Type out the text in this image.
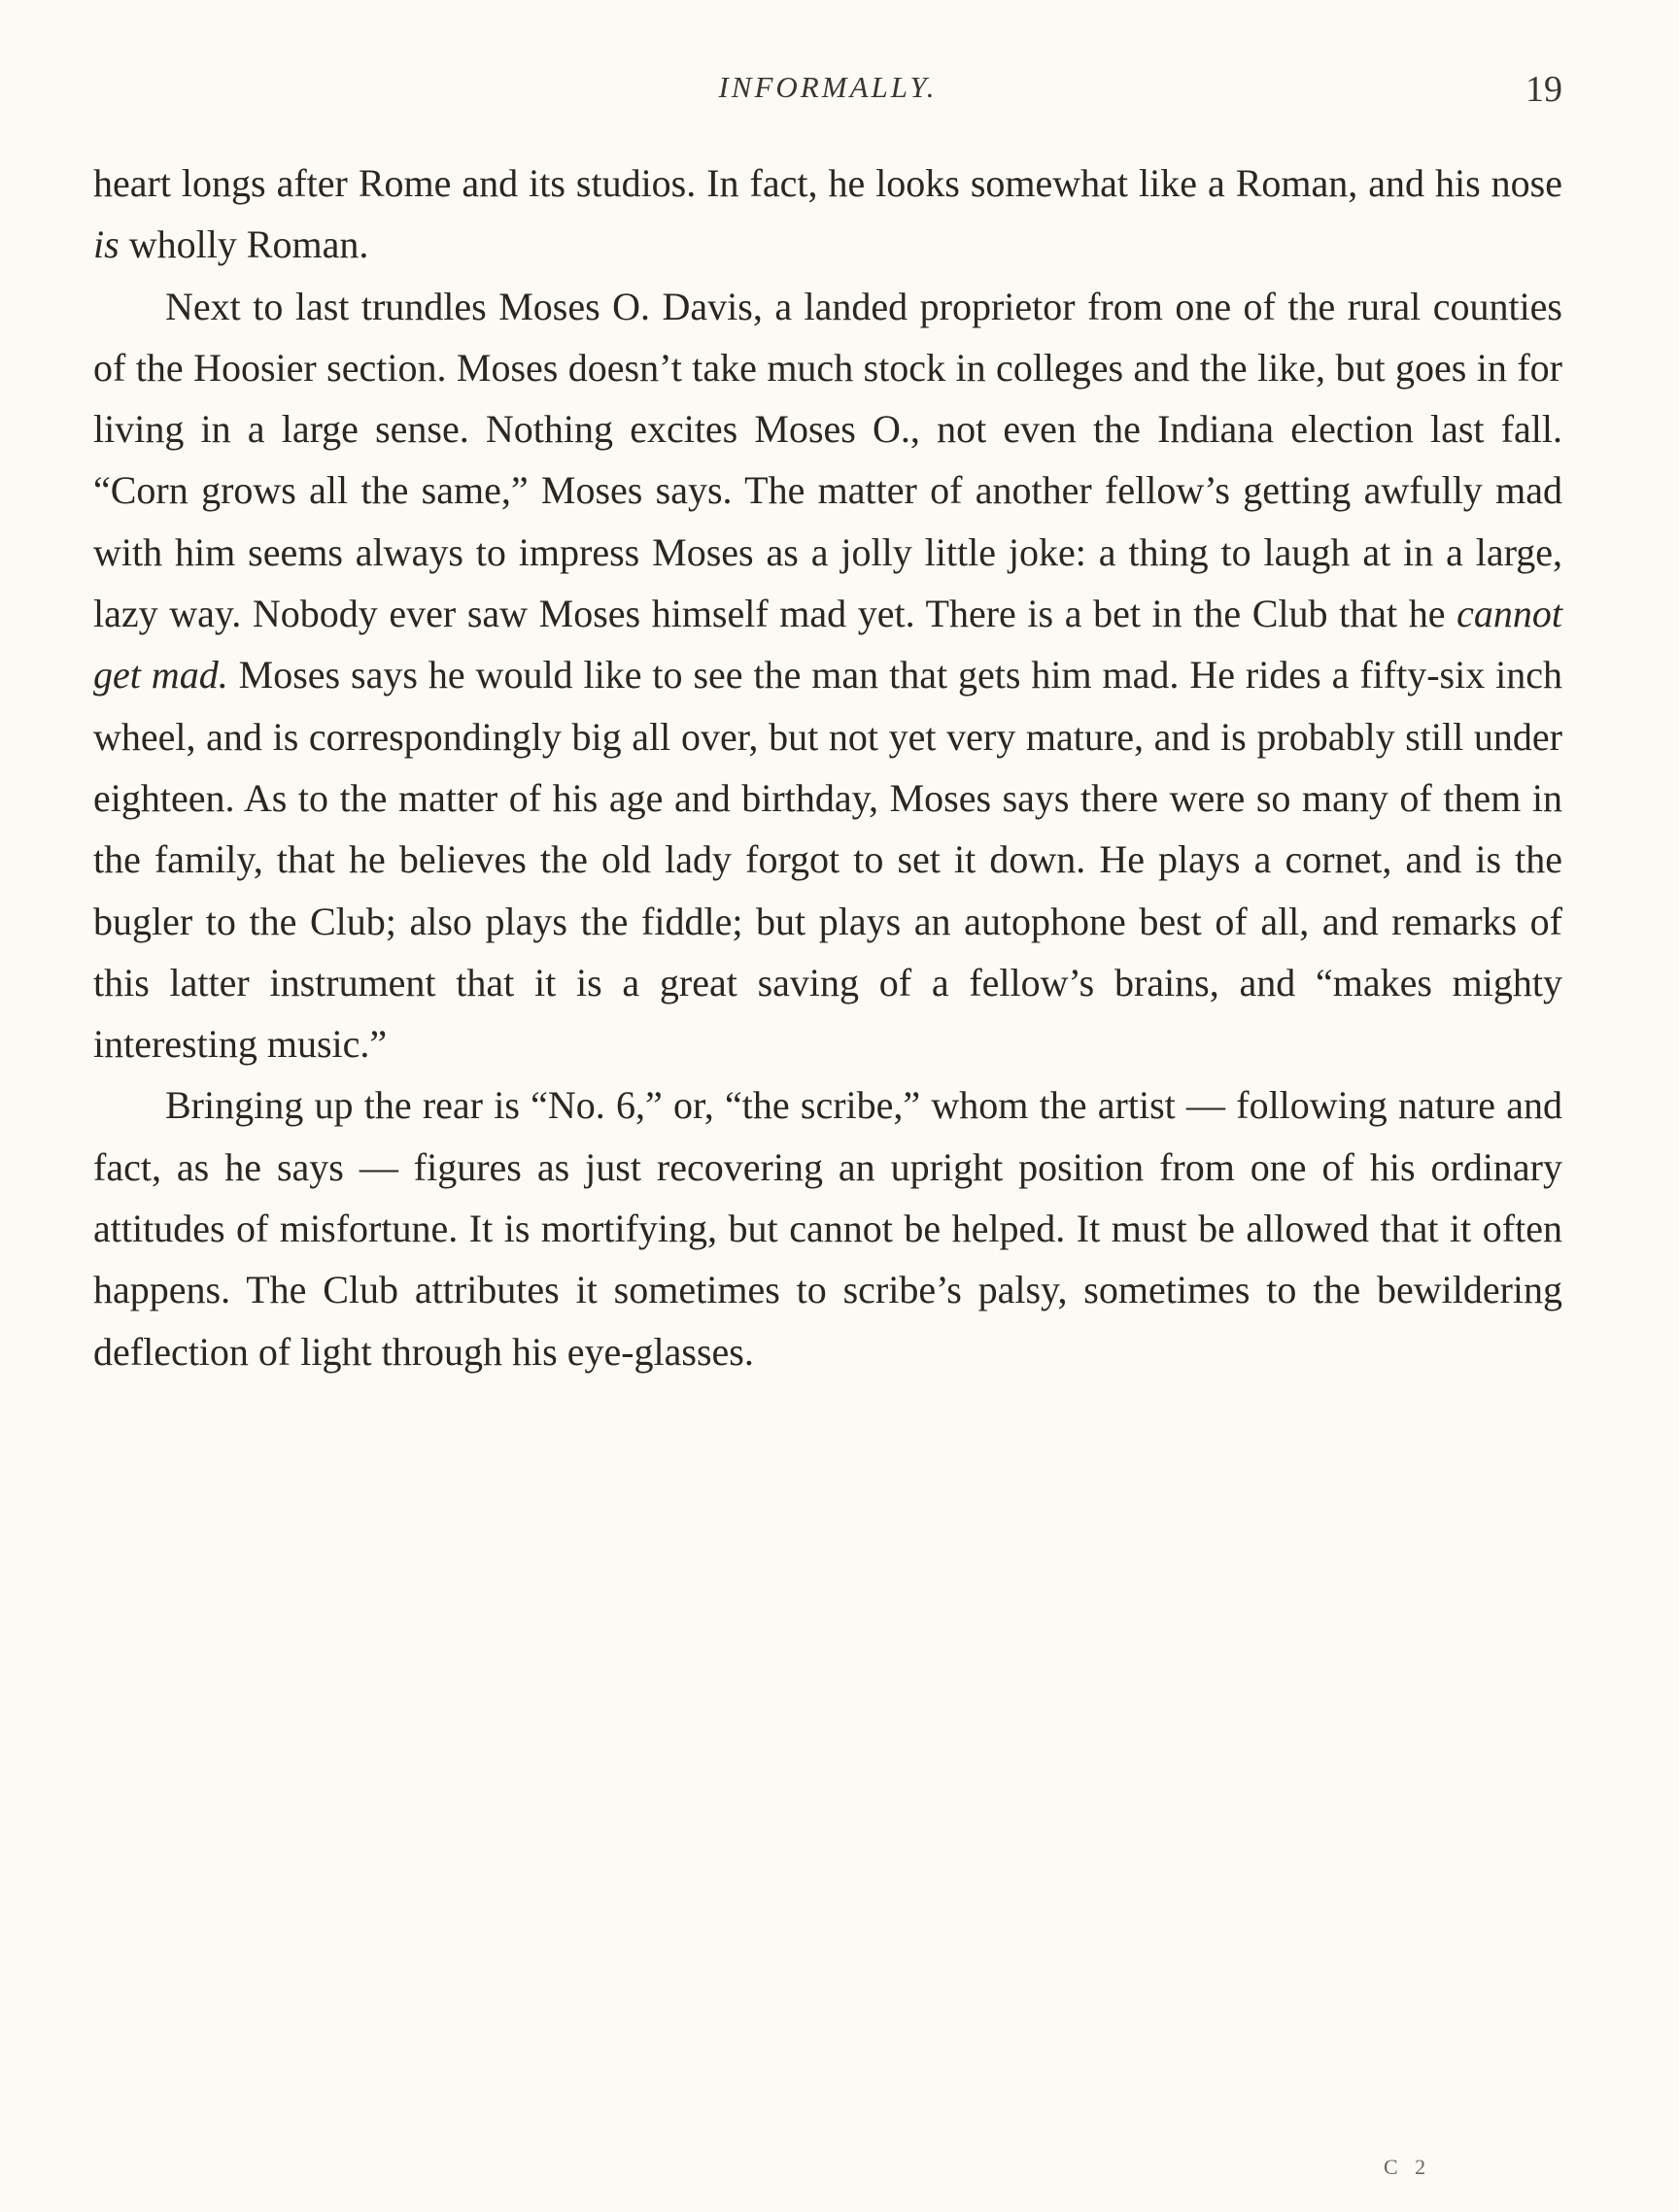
INFORMALLY.	19

heart longs after Rome and its studios. In fact, he looks somewhat like a Roman, and his nose is wholly Roman.

Next to last trundles Moses O. Davis, a landed proprietor from one of the rural counties of the Hoosier section. Moses doesn’t take much stock in colleges and the like, but goes in for living in a large sense. Nothing excites Moses O., not even the Indiana election last fall. “Corn grows all the same,” Moses says. The matter of another fellow’s getting awfully mad with him seems always to impress Moses as a jolly little joke: a thing to laugh at in a large, lazy way. Nobody ever saw Moses himself mad yet. There is a bet in the Club that he cannot get mad. Moses says he would like to see the man that gets him mad. He rides a fifty-six inch wheel, and is correspondingly big all over, but not yet very mature, and is probably still under eighteen. As to the matter of his age and birthday, Moses says there were so many of them in the family, that he believes the old lady forgot to set it down. He plays a cornet, and is the bugler to the Club; also plays the fiddle; but plays an autophone best of all, and remarks of this latter instrument that it is a great saving of a fellow’s brains, and “makes mighty interesting music.”

Bringing up the rear is “No. 6,” or, “the scribe,” whom the artist — following nature and fact, as he says — figures as just recovering an upright position from one of his ordinary attitudes of misfortune. It is mortifying, but cannot be helped. It must be allowed that it often happens. The Club attributes it sometimes to scribe’s palsy, sometimes to the bewildering deflection of light through his eye-glasses.

C 2
